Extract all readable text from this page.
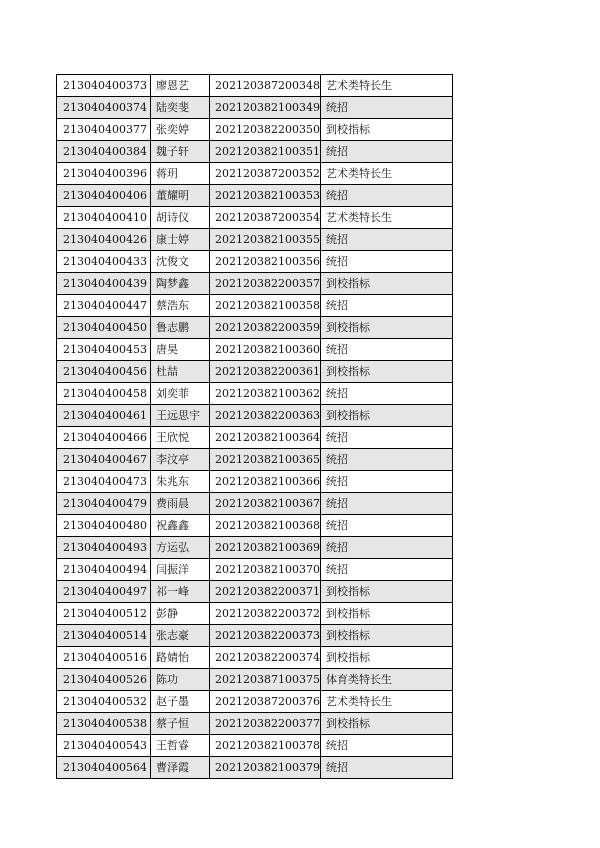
213040400373	廖恩艺	202120387200348	艺术类特长生
213040400374	陆奕斐	202120382100349	统招
213040400377	张奕婷	202120382200350	到校指标
213040400384	魏子轩	202120382100351	统招
213040400396	蒋玥	202120387200352	艺术类特长生
213040400406	董耀明	202120382100353	统招
213040400410	胡诗仪	202120387200354	艺术类特长生
213040400426	康士婷	202120382100355	统招
213040400433	沈俊文	202120382100356	统招
213040400439	陶梦鑫	202120382200357	到校指标
213040400447	蔡浩东	202120382100358	统招
213040400450	鲁志鹏	202120382200359	到校指标
213040400453	唐昊	202120382100360	统招
213040400456	杜喆	202120382200361	到校指标
213040400458	刘奕菲	202120382100362	统招
213040400461	王远思宇	202120382200363	到校指标
213040400466	王欣悦	202120382100364	统招
213040400467	李汶亭	202120382100365	统招
213040400473	朱兆东	202120382100366	统招
213040400479	费雨晨	202120382100367	统招
213040400480	祝鑫鑫	202120382100368	统招
213040400493	方运弘	202120382100369	统招
213040400494	闫振洋	202120382100370	统招
213040400497	祁一峰	202120382200371	到校指标
213040400512	彭静	202120382200372	到校指标
213040400514	张志豪	202120382200373	到校指标
213040400516	路婧怡	202120382200374	到校指标
213040400526	陈功	202120387100375	体育类特长生
213040400532	赵子墨	202120387200376	艺术类特长生
213040400538	蔡子恒	202120382200377	到校指标
213040400543	王哲睿	202120382100378	统招
213040400564	曹泽霞	202120382100379	统招
